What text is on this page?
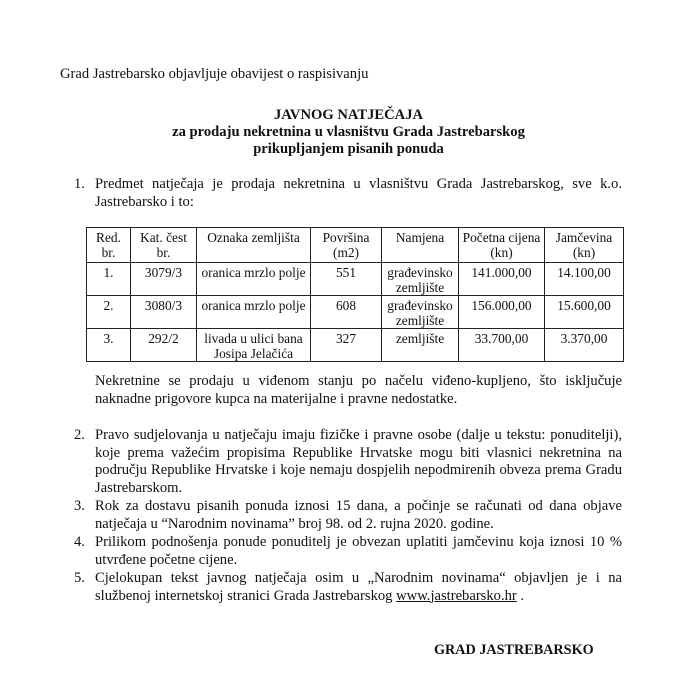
Grad Jastrebarsko objavljuje obavijest o raspisivanju
JAVNOG NATJEČAJA
za prodaju nekretnina u vlasništvu Grada Jastrebarskog
prikupljanjem pisanih ponuda
1. Predmet natječaja je prodaja nekretnina u vlasništvu Grada Jastrebarskog, sve k.o.

Jastrebarsko i to:

Red. br.	Kat. čest br.	Oznaka zemljišta	Površina (m2)	Namjena	Početna cijena (kn)	Jamčevina (kn)
1.	3079/3	oranica mrzlo polje	551	građevinsko zemljište	141.000,00	14.100,00
2.	3080/3	oranica mrzlo polje	608	građevinsko zemljište	156.000,00	15.600,00
3.	292/2	livada u ulici bana Josipa Jelačića	327	zemljište	33.700,00	3.370,00
Nekretnine se prodaju u viđenom stanju po načelu viđeno-kupljeno, što isključuje naknadne prigovore kupca na materijalne i pravne nedostatke.
2. Pravo sudjelovanja u natječaju imaju fizičke i pravne osobe (dalje u tekstu: ponuditelji), koje prema važećim propisima Republike Hrvatske mogu biti vlasnici nekretnina na području Republike Hrvatske i koje nemaju dospjelih nepodmirenih obveza prema Gradu Jastrebarskom.

3. Rok za dostavu pisanih ponuda iznosi 15 dana, a počinje se računati od dana objave natječaja u “Narodnim novinama” broj 98. od 2. rujna 2020. godine.

4. Prilikom podnošenja ponude ponuditelj je obvezan uplatiti jamčevinu koja iznosi 10 % utvrđene početne cijene.

5. Cjelokupan tekst javnog natječaja osim u „Narodnim novinama“ objavljen je i na službenoj internetskoj stranici Grada Jastrebarskog www.jastrebarsko.hr .

GRAD JASTREBARSKO
